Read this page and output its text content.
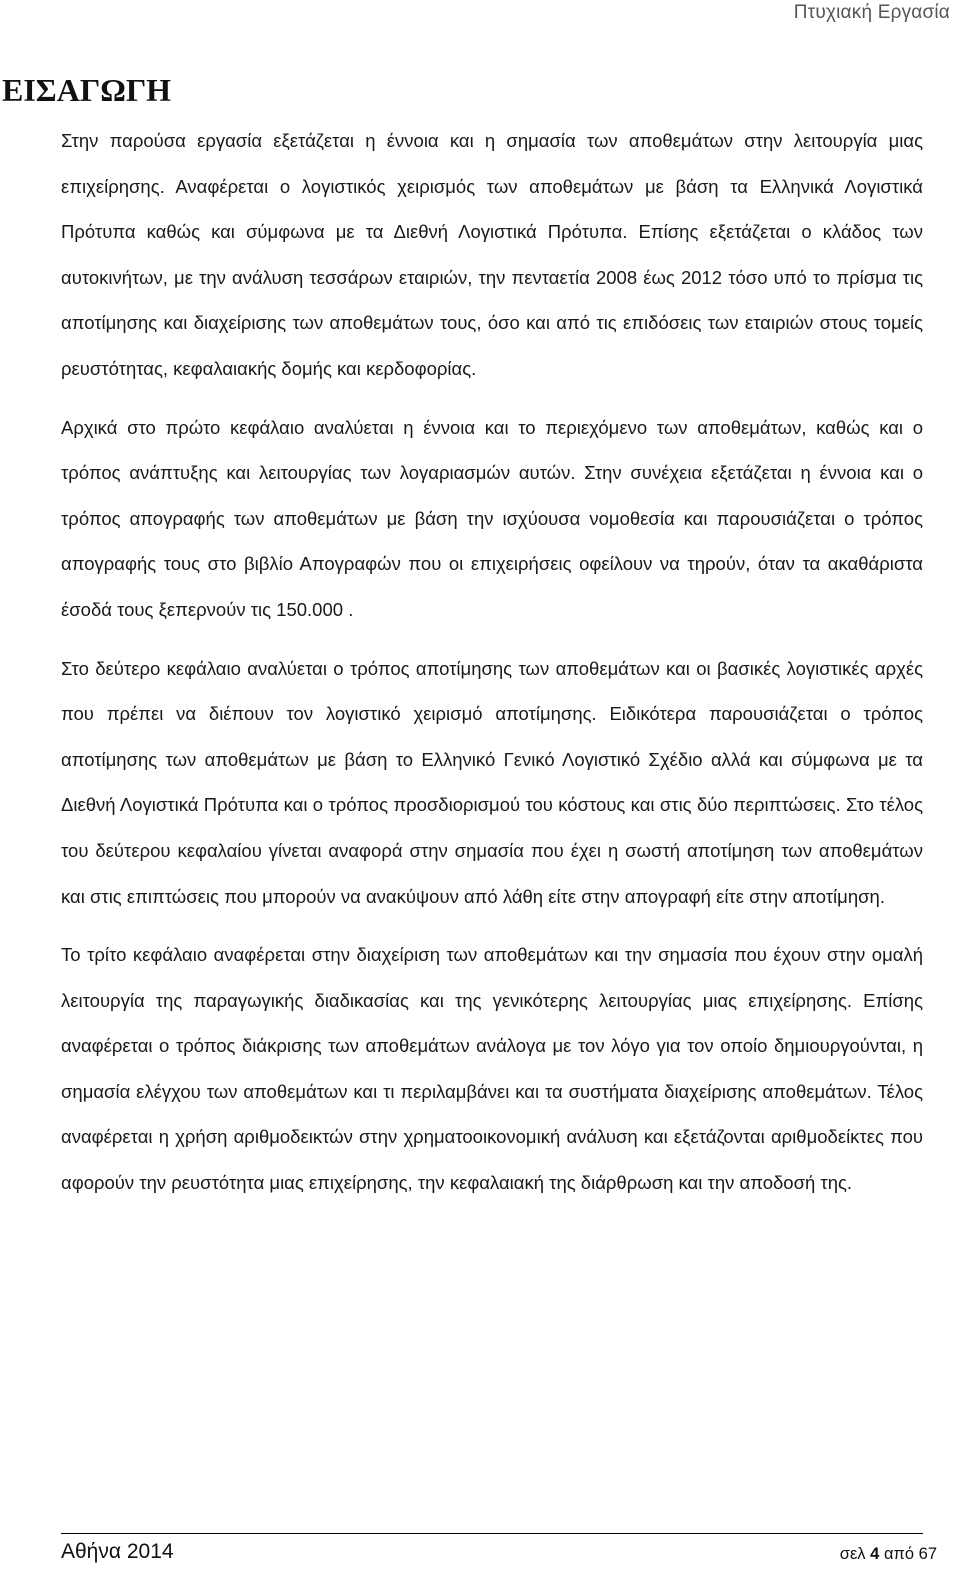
Πτυχιακή Εργασία
ΕΙΣΑΓΩΓΗ

Στην παρούσα εργασία εξετάζεται η έννοια και η σημασία των αποθεμάτων στην λειτουργία μιας επιχείρησης. Αναφέρεται ο λογιστικός χειρισμός των αποθεμάτων με βάση τα Ελληνικά Λογιστικά Πρότυπα καθώς και σύμφωνα με τα Διεθνή Λογιστικά Πρότυπα. Επίσης εξετάζεται ο κλάδος των αυτοκινήτων, με την ανάλυση τεσσάρων εταιριών, την πενταετία 2008 έως 2012 τόσο υπό το πρίσμα τις αποτίμησης και διαχείρισης των αποθεμάτων τους, όσο και από τις επιδόσεις των εταιριών στους τομείς ρευστότητας, κεφαλαιακής δομής και κερδοφορίας.

Αρχικά στο πρώτο κεφάλαιο αναλύεται η έννοια και το περιεχόμενο των αποθεμάτων, καθώς και ο τρόπος ανάπτυξης και λειτουργίας των λογαριασμών αυτών. Στην συνέχεια εξετάζεται η έννοια και ο τρόπος απογραφής των αποθεμάτων με βάση την ισχύουσα νομοθεσία και παρουσιάζεται ο τρόπος απογραφής τους στο βιβλίο Απογραφών που οι επιχειρήσεις οφείλουν να τηρούν, όταν τα ακαθάριστα έσοδά τους ξεπερνούν τις 150.000 .

Στο δεύτερο κεφάλαιο αναλύεται ο τρόπος αποτίμησης των αποθεμάτων και οι βασικές λογιστικές αρχές που πρέπει να διέπουν τον λογιστικό χειρισμό αποτίμησης. Ειδικότερα παρουσιάζεται ο τρόπος αποτίμησης των αποθεμάτων με βάση το Ελληνικό Γενικό Λογιστικό Σχέδιο αλλά και σύμφωνα με τα Διεθνή Λογιστικά Πρότυπα και ο τρόπος προσδιορισμού του κόστους και στις δύο περιπτώσεις. Στο τέλος του δεύτερου κεφαλαίου γίνεται αναφορά στην σημασία που έχει η σωστή αποτίμηση των αποθεμάτων και στις επιπτώσεις που μπορούν να ανακύψουν από λάθη είτε στην απογραφή είτε στην αποτίμηση.

Το τρίτο κεφάλαιο αναφέρεται στην διαχείριση των αποθεμάτων και την σημασία που έχουν στην ομαλή λειτουργία της παραγωγικής διαδικασίας και της γενικότερης λειτουργίας μιας επιχείρησης. Επίσης αναφέρεται ο τρόπος διάκρισης των αποθεμάτων ανάλογα με τον λόγο για τον οποίο δημιουργούνται, η σημασία ελέγχου των αποθεμάτων και τι περιλαμβάνει και τα συστήματα διαχείρισης αποθεμάτων. Τέλος αναφέρεται η χρήση αριθμοδεικτών στην χρηματοοικονομική ανάλυση και εξετάζονται αριθμοδείκτες που αφορούν την ρευστότητα μιας επιχείρησης, την κεφαλαιακή της διάρθρωση και την αποδοσή της.

Αθήνα 2014	σελ 4 από 67
